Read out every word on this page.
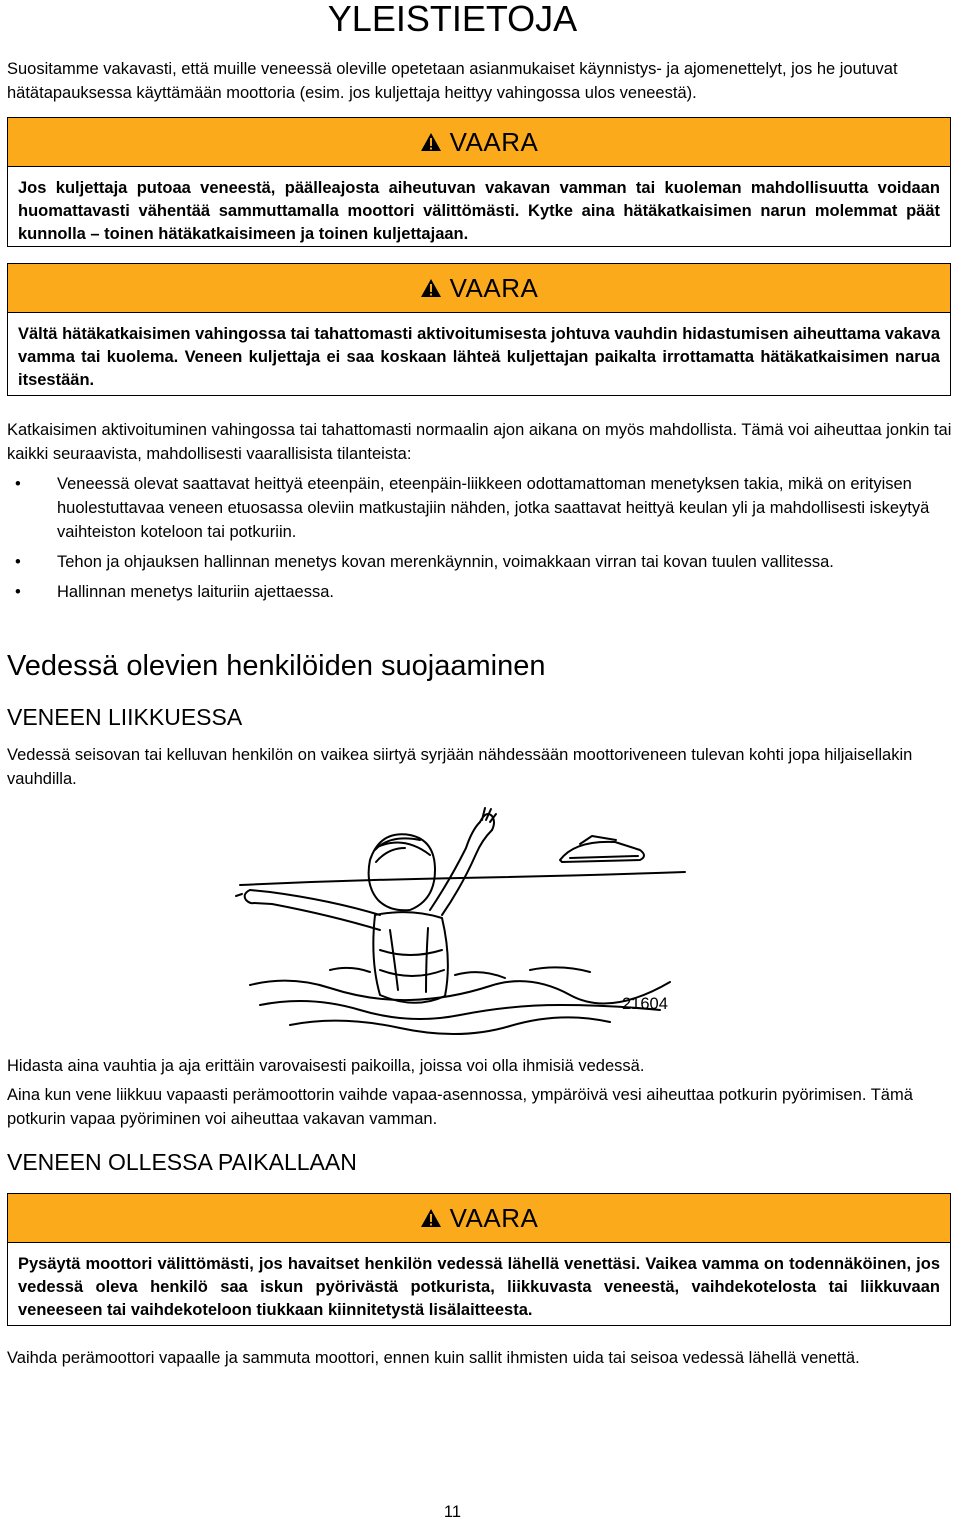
YLEISTIETOJA

Suositamme vakavasti, että muille veneessä oleville opetetaan asianmukaiset käynnistys- ja ajomenettelyt, jos he joutuvat hätätapauksessa käyttämään moottoria (esim. jos kuljettaja heittyy vahingossa ulos veneestä).

VAARA

Jos kuljettaja putoaa veneestä, päälleajosta aiheutuvan vakavan vamman tai kuoleman mahdollisuutta voidaan huomattavasti vähentää sammuttamalla moottori välittömästi. Kytke aina hätäkatkaisimen narun molemmat päät kunnolla – toinen hätäkatkaisimeen ja toinen kuljettajaan.

VAARA

Vältä hätäkatkaisimen vahingossa tai tahattomasti aktivoitumisesta johtuva vauhdin hidastumisen aiheuttama vakava vamma tai kuolema. Veneen kuljettaja ei saa koskaan lähteä kuljettajan paikalta irrottamatta hätäkatkaisimen narua itsestään.

Katkaisimen aktivoituminen vahingossa tai tahattomasti normaalin ajon aikana on myös mahdollista. Tämä voi aiheuttaa jonkin tai kaikki seuraavista, mahdollisesti vaarallisista tilanteista:

• Veneessä olevat saattavat heittyä eteenpäin, eteenpäin-liikkeen odottamattoman menetyksen takia, mikä on erityisen huolestuttavaa veneen etuosassa oleviin matkustajiin nähden, jotka saattavat heittyä keulan yli ja mahdollisesti iskeytyä vaihteiston koteloon tai potkuriin.
• Tehon ja ohjauksen hallinnan menetys kovan merenkäynnin, voimakkaan virran tai kovan tuulen vallitessa.
• Hallinnan menetys laituriin ajettaessa.
Vedessä olevien henkilöiden suojaaminen
VENEEN LIIKKUESSA

Vedessä seisovan tai kelluvan henkilön on vaikea siirtyä syrjään nähdessään moottoriveneen tulevan kohti jopa hiljaisellakin vauhdilla.

21604

Hidasta aina vauhtia ja aja erittäin varovaisesti paikoilla, joissa voi olla ihmisiä vedessä.

Aina kun vene liikkuu vapaasti perämoottorin vaihde vapaa-asennossa, ympäröivä vesi aiheuttaa potkurin pyörimisen. Tämä potkurin vapaa pyöriminen voi aiheuttaa vakavan vamman.

VENEEN OLLESSA PAIKALLAAN
VAARA

Pysäytä moottori välittömästi, jos havaitset henkilön vedessä lähellä venettäsi. Vaikea vamma on todennäköinen, jos vedessä oleva henkilö saa iskun pyörivästä potkurista, liikkuvasta veneestä, vaihdekotelosta tai liikkuvaan veneeseen tai vaihdekoteloon tiukkaan kiinnitetystä lisälaitteesta.

Vaihda perämoottori vapaalle ja sammuta moottori, ennen kuin sallit ihmisten uida tai seisoa vedessä lähellä venettä.

11
